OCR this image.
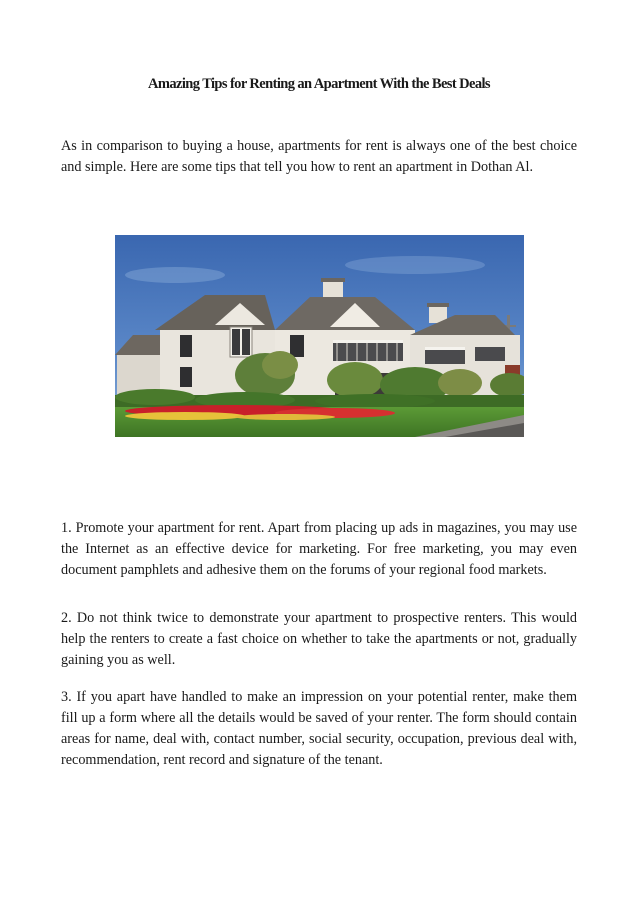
Amazing Tips for Renting an Apartment With the Best Deals

As in comparison to buying a house, apartments for rent is always one of the best choice and simple. Here are some tips that tell you how to rent an apartment in Dothan Al.

1. Promote your apartment for rent. Apart from placing up ads in magazines, you may use the Internet as an effective device for marketing. For free marketing, you may even document pamphlets and adhesive them on the forums of your regional food markets.

2. Do not think twice to demonstrate your apartment to prospective renters. This would help the renters to create a fast choice on whether to take the apartments or not, gradually gaining you as well.

3. If you apart have handled to make an impression on your potential renter, make them fill up a form where all the details would be saved of your renter. The form should contain areas for name, deal with, contact number, social security, occupation, previous deal with, recommendation, rent record and signature of the tenant.
